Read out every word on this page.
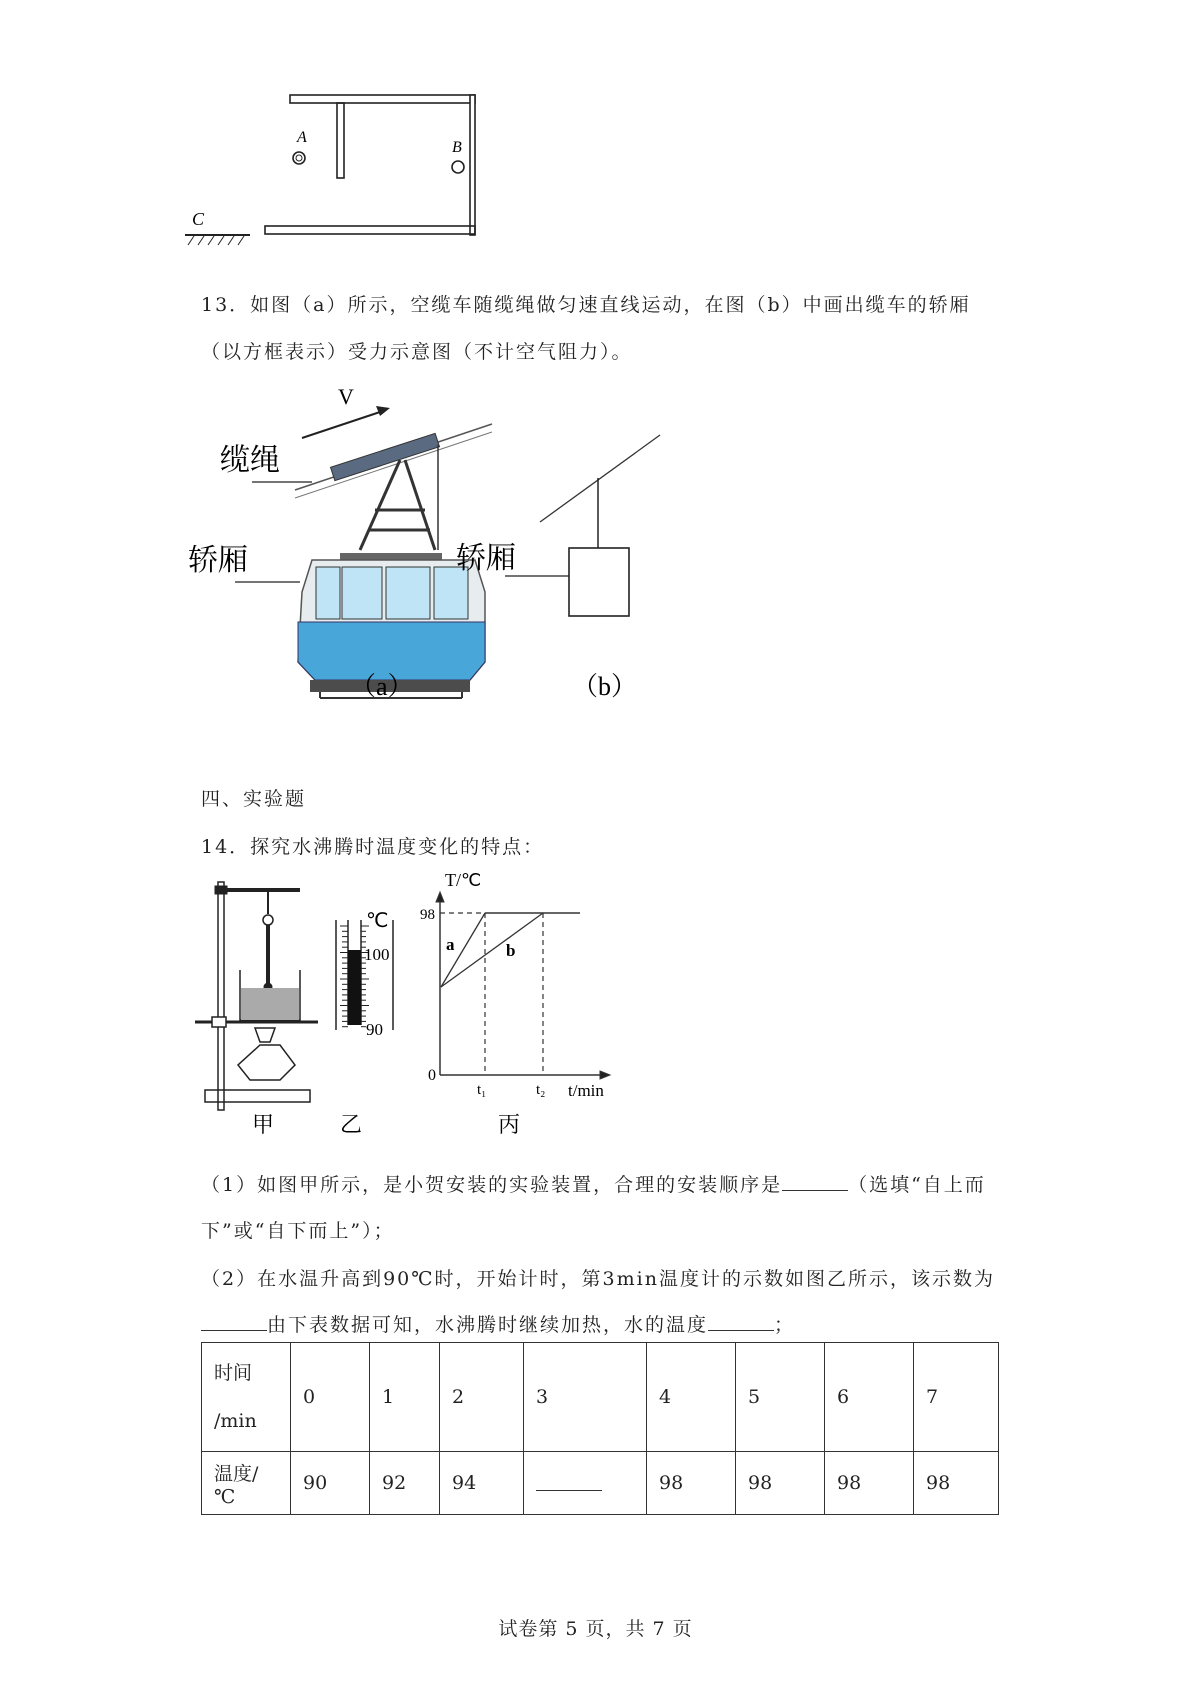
A
B
C
13．如图（a）所示，空缆车随缆绳做匀速直线运动，在图（b）中画出缆车的轿厢
（以方框表示）受力示意图（不计空气阻力）。
V
缆绳
轿厢	轿厢
（a）	（b）
四、实验题
14．探究水沸腾时温度变化的特点：
甲
℃
100
90
乙
T/℃
98
0
t₁	t₂ t/min
a	b
丙
（1）如图甲所示，是小贺安装的实验装置，合理的安装顺序是	（选填“自上而
下”或“自下而上”）；
（2）在水温升高到90℃时，开始计时，第3min温度计的示数如图乙所示，该示数为
由下表数据可知，水沸腾时继续加热，水的温度	；
时间
/min	0	1	2	3	4	5	6	7
温度/℃	90	92	94		98	98	98	98
试卷第 5 页，共 7 页
